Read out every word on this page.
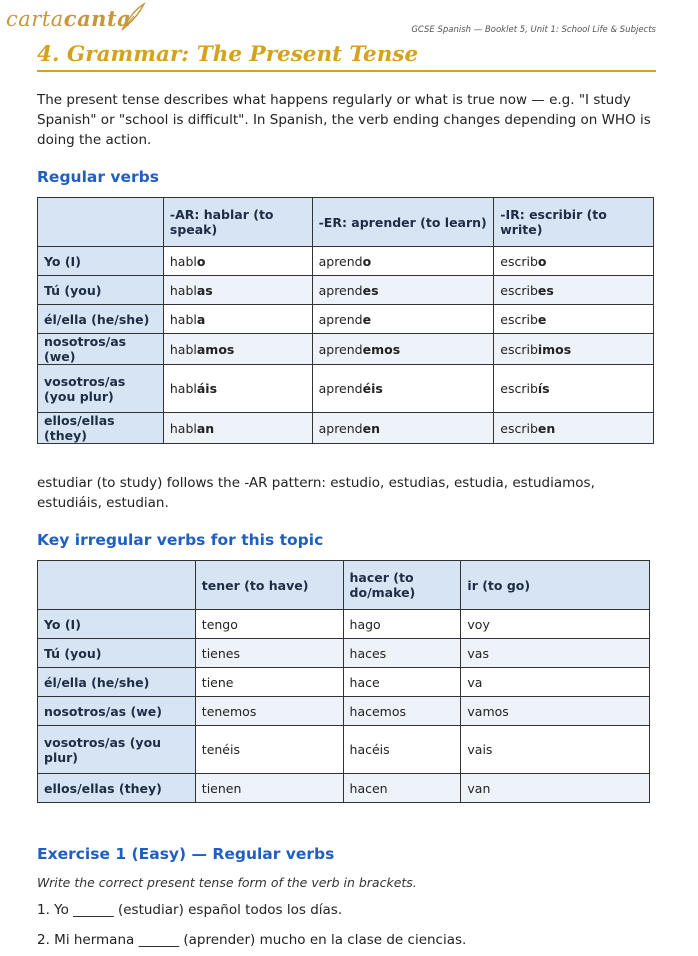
cartacanta	GCSE Spanish — Booklet 5, Unit 1: School Life & Subjects
4. Grammar: The Present Tense

The present tense describes what happens regularly or what is true now — e.g. "I study Spanish" or "school is difficult". In Spanish, the verb ending changes depending on WHO is doing the action.

Regular verbs
	-AR: hablar (to speak)	-ER: aprender (to learn)	-IR: escribir (to write)
Yo (I)	hablo	aprendo	escribo
Tú (you)	hablas	aprendes	escribes
él/ella (he/she)	habla	aprende	escribe
nosotros/as (we)	hablamos	aprendemos	escribimos
vosotros/as (you plur)	habláis	aprendéis	escribís
ellos/ellas (they)	hablan	aprenden	escriben

estudiar (to study) follows the -AR pattern: estudio, estudias, estudia, estudiamos, estudiáis, estudian.

Key irregular verbs for this topic
	tener (to have)	hacer (to do/make)	ir (to go)
Yo (I)	tengo	hago	voy
Tú (you)	tienes	haces	vas
él/ella (he/she)	tiene	hace	va
nosotros/as (we)	tenemos	hacemos	vamos
vosotros/as (you plur)	tenéis	hacéis	vais
ellos/ellas (they)	tienen	hacen	van
Exercise 1 (Easy) — Regular verbs

Write the correct present tense form of the verb in brackets.

1. Yo ______ (estudiar) español todos los días.

2. Mi hermana ______ (aprender) mucho en la clase de ciencias.
